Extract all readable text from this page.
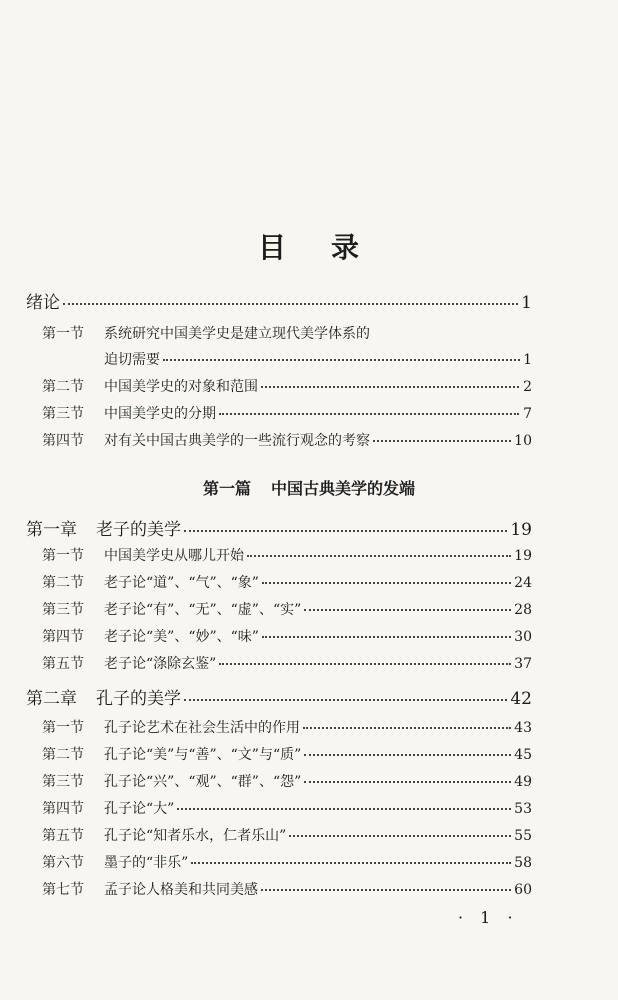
目 录
绪论	1
第一节	系统研究中国美学史是建立现代美学体系的
迫切需要	1
第二节	中国美学史的对象和范围	2
第三节	中国美学史的分期	7
第四节	对有关中国古典美学的一些流行观念的考察	10
第一篇 中国古典美学的发端
第一章	老子的美学	19
第一节	中国美学史从哪儿开始	19
第二节	老子论“道”、“气”、“象”	24
第三节	老子论“有”、“无”、“虚”、“实”	28
第四节	老子论“美”、“妙”、“味”	30
第五节	老子论“涤除玄鉴”	37
第二章	孔子的美学	42
第一节	孔子论艺术在社会生活中的作用	43
第二节	孔子论“美”与“善”、“文”与“质”	45
第三节	孔子论“兴”、“观”、“群”、“怨”	49
第四节	孔子论“大”	53
第五节	孔子论“知者乐水，仁者乐山”	55
第六节	墨子的“非乐”	58
第七节	孟子论人格美和共同美感	60
· 1 ·
